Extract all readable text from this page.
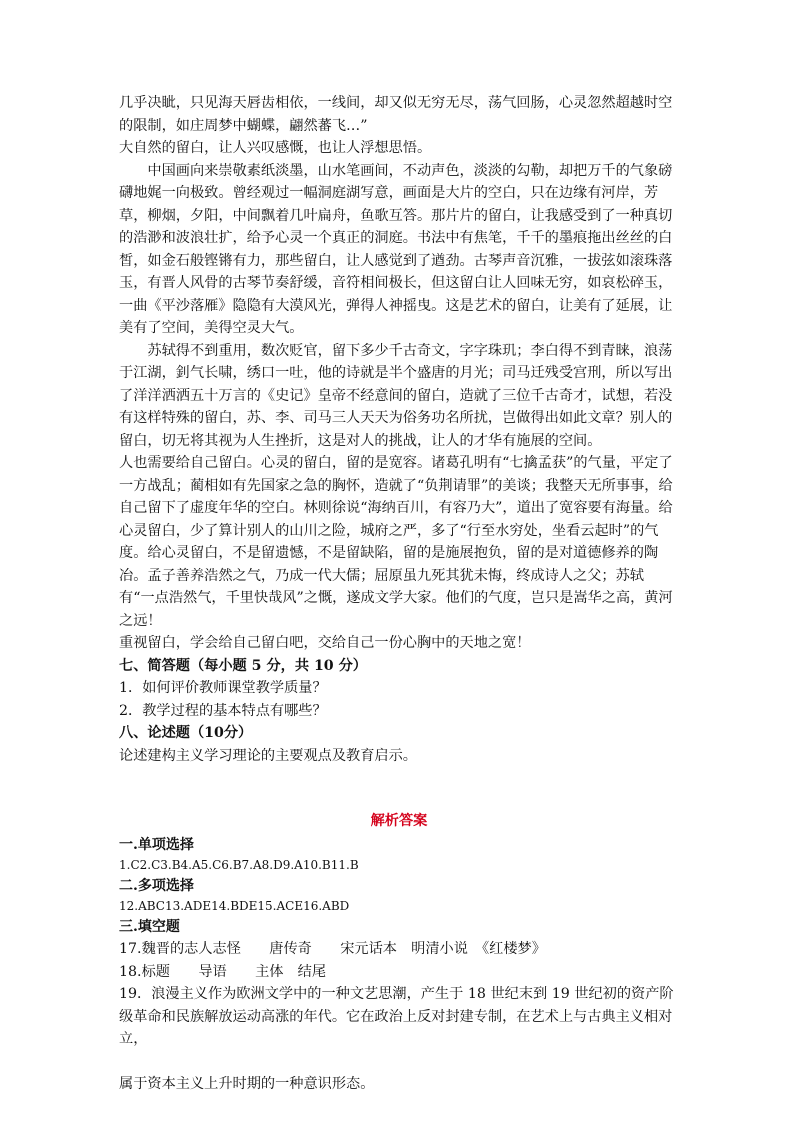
几乎决眦，只见海天唇齿相依，一线间，却又似无穷无尽，荡气回肠，心灵忽然超越时空的限制，如庄周梦中蝴蝶，翩然蕃飞…”

大自然的留白，让人兴叹感慨，也让人浮想思悟。

中国画向来崇敬素纸淡墨，山水笔画间，不动声色，淡淡的勾勒，却把万千的气象磅礴地娓一向极致。曾经观过一幅洞庭湖写意，画面是大片的空白，只在边缘有河岸，芳草，柳烟，夕阳，中间飘着几叶扁舟，鱼歌互答。那片片的留白，让我感受到了一种真切的浩渺和波浪壮扩，给予心灵一个真正的洞庭。书法中有焦笔，千千的墨痕拖出丝丝的白皙，如金石般铿锵有力，那些留白，让人感觉到了遒劲。古琴声音沉雅，一拔弦如滚珠落玉，有晋人风骨的古琴节奏舒缓，音符相间极长，但这留白让人回味无穷，如哀松碎玉，一曲《平沙落雁》隐隐有大漠风光，弹得人神摇曳。这是艺术的留白，让美有了延展，让美有了空间，美得空灵大气。

苏轼得不到重用，数次贬官，留下多少千古奇文，字字珠玑；李白得不到青睐，浪荡于江湖，釗气长啸，绣口一吐，他的诗就是半个盛唐的月光；司马迁残受宫刑，所以写出了洋洋洒洒五十万言的《史记》皇帝不经意间的留白，造就了三位千古奇才，试想，若没有这样特殊的留白，苏、李、司马三人天天为俗务功名所扰，岂做得出如此文章？别人的留白，切无将其视为人生挫折，这是对人的挑战，让人的才华有施展的空间。

人也需要给自己留白。心灵的留白，留的是宽容。诸葛孔明有“七擒孟获”的气量，平定了一方战乱；蔺相如有先国家之急的胸怀，造就了“负荆请罪”的美谈；我整天无所事事，给自己留下了虚度年华的空白。林则徐说“海纳百川，有容乃大”，道出了宽容要有海量。给心灵留白，少了算计别人的山川之险，城府之严，多了“行至水穷处，坐看云起时”的气度。给心灵留白，不是留遗憾，不是留缺陷，留的是施展抱负，留的是对道德修养的陶冶。孟子善养浩然之气，乃成一代大儒；屈原虽九死其犹未悔，终成诗人之父；苏轼有“一点浩然气，千里快哉风”之慨，遂成文学大家。他们的气度，岂只是嵩华之高，黄河之远！

重视留白，学会给自己留白吧，交给自己一份心胸中的天地之宽！

七、简答题（每小题 5 分，共 10 分）

1．如何评价教师课堂教学质量？

2．教学过程的基本特点有哪些？

八、论述题（10分）

论述建构主义学习理论的主要观点及教育启示。

解析答案

一.单项选择

1.C2.C3.B4.A5.C6.B7.A8.D9.A10.B11.B

二.多项选择

12.ABC13.ADE14.BDE15.ACE16.ABD

三.填空题

17.魏晋的志人志怪　　唐传奇　　宋元话本　明清小说　《红楼梦》

18.标题　　导语　　主体　结尾

19．浪漫主义作为欧洲文学中的一种文艺思潮，产生于 18 世纪末到 19 世纪初的资产阶级革命和民族解放运动高涨的年代。它在政治上反对封建专制，在艺术上与古典主义相对立，

属于资本主义上升时期的一种意识形态。
